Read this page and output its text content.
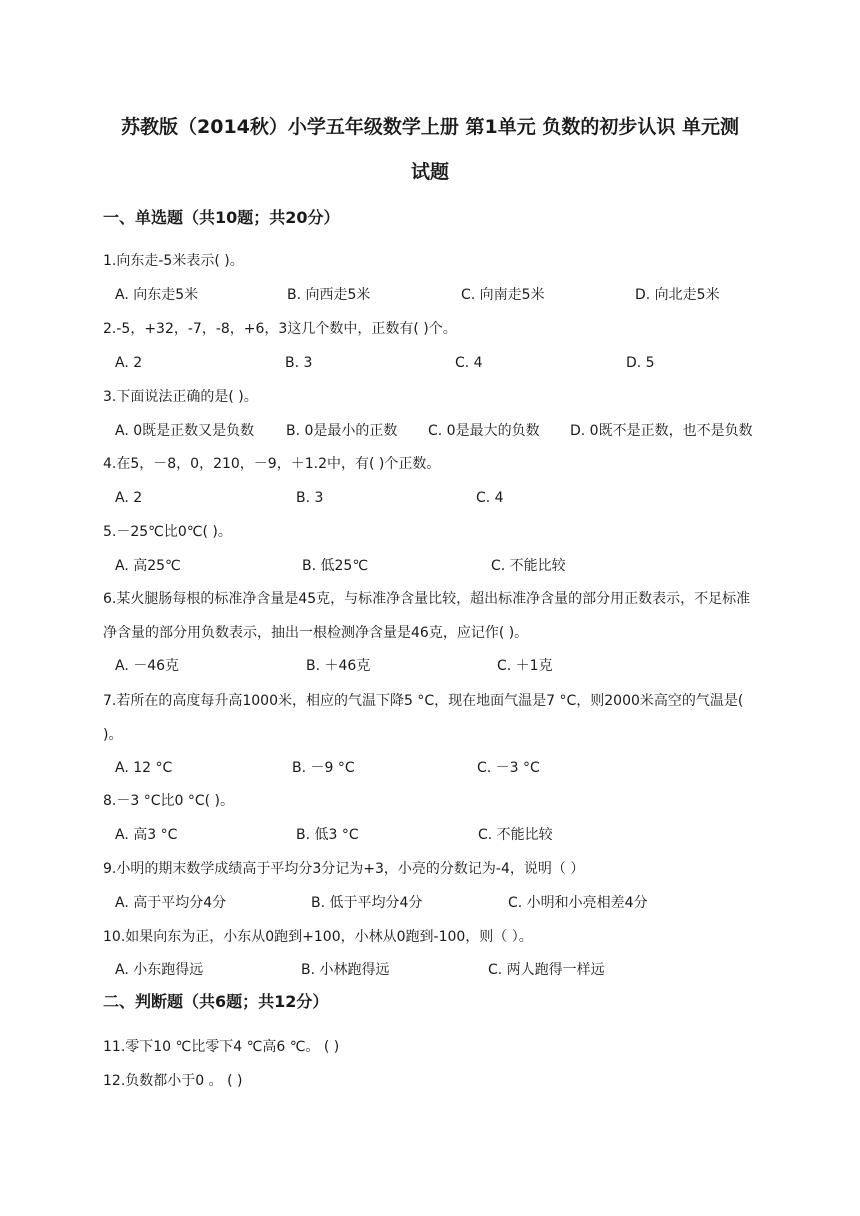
苏教版（2014秋）小学五年级数学上册 第1单元 负数的初步认识 单元测
试题
一、单选题（共10题；共20分）
1.向东走-5米表示( )。
A. 向东走5米	B. 向西走5米	C. 向南走5米	D. 向北走5米
2.-5，+32，-7，-8，+6，3这几个数中，正数有( )个。
A. 2	B. 3	C. 4	D. 5
3.下面说法正确的是( )。
A. 0既是正数又是负数 B. 0是最小的正数 C. 0是最大的负数 D. 0既不是正数，也不是负数
4.在5，－8，0，210，－9，＋1.2中，有( )个正数。
A. 2	B. 3	C. 4
5.－25℃比0℃( )。
A. 高25℃	B. 低25℃	C. 不能比较
6.某火腿肠每根的标准净含量是45克，与标准净含量比较，超出标准净含量的部分用正数表示，不足标准净含量的部分用负数表示，抽出一根检测净含量是46克，应记作( )。
A. －46克	B. ＋46克	C. ＋1克
7.若所在的高度每升高1000米，相应的气温下降5 °C，现在地面气温是7 °C，则2000米高空的气温是( )。
A. 12 °C	B. －9 °C	C. －3 °C
8.－3 °C比0 °C( )。
A. 高3 °C	B. 低3 °C	C. 不能比较
9.小明的期末数学成绩高于平均分3分记为+3，小亮的分数记为-4，说明（ ）
A. 高于平均分4分	B. 低于平均分4分	C. 小明和小亮相差4分
10.如果向东为正，小东从0跑到+100，小林从0跑到-100，则（ ）。
A. 小东跑得远	B. 小林跑得远	C. 两人跑得一样远
二、判断题（共6题；共12分）
11.零下10 ℃比零下4 ℃高6 ℃。 ( )
12.负数都小于0 。 ( )
